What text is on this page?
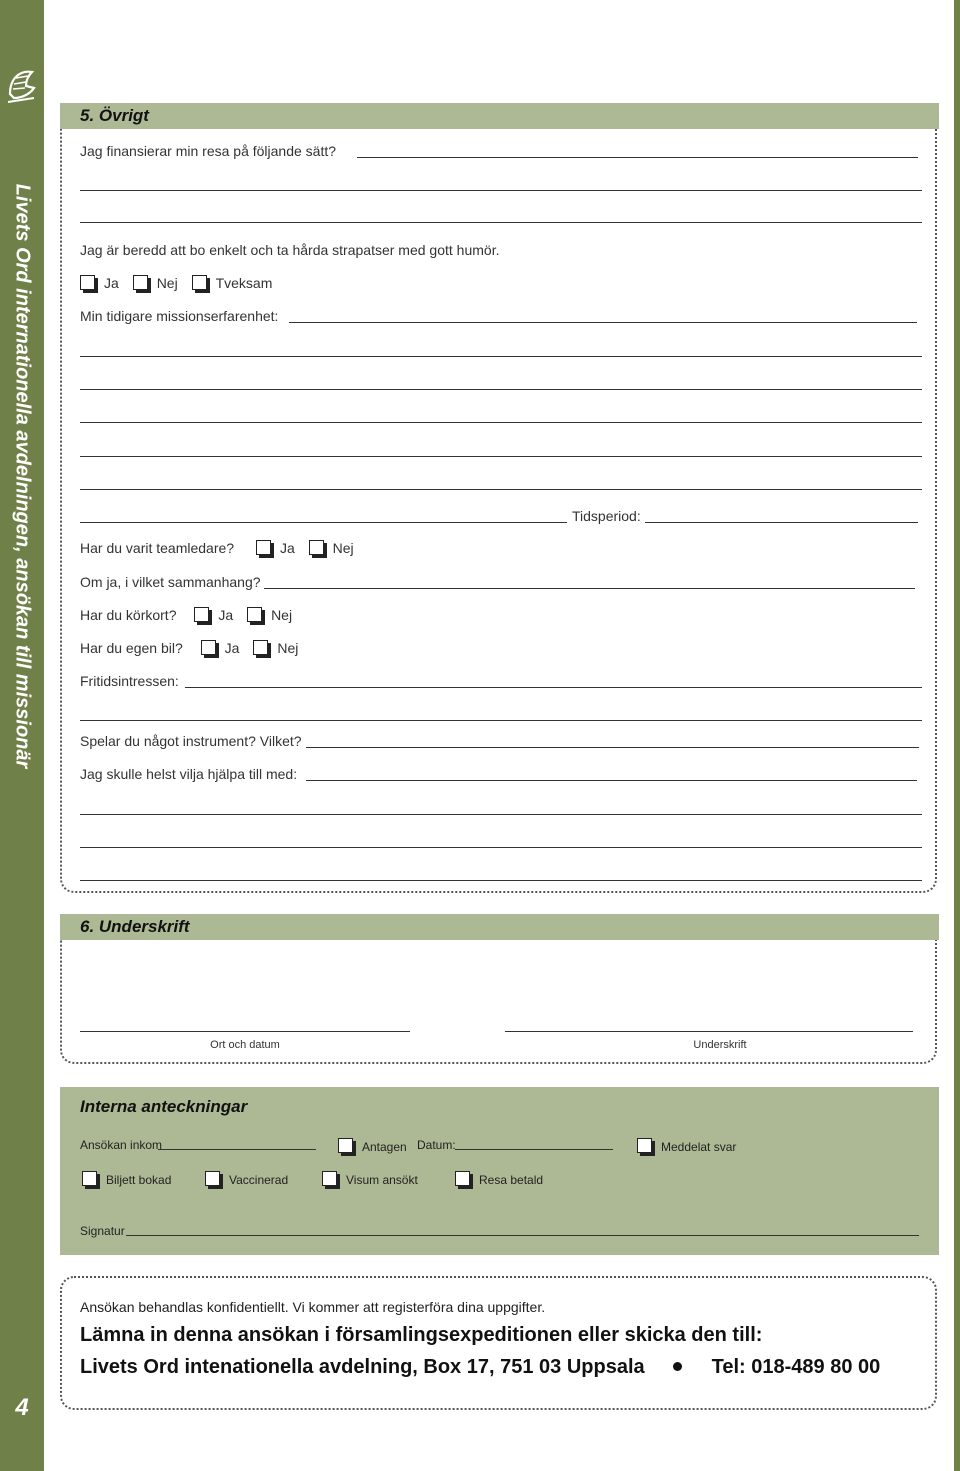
Livets Ord internationella avdelningen, ansökan till missionär
4
5. Övrigt
Jag finansierar min resa på följande sätt?
Jag är beredd att bo enkelt och ta hårda strapatser med gott humör.
Ja	Nej	Tveksam
Min tidigare missionserfarenhet:
Tidsperiod:
Har du varit teamledare?	Ja	Nej
Om ja, i vilket sammanhang?
Har du körkort?	Ja	Nej
Har du egen bil?	Ja	Nej
Fritidsintressen:
Spelar du något instrument? Vilket?
Jag skulle helst vilja hjälpa till med:
6. Underskrift
Ort och datum	Underskrift
Interna anteckningar
Ansökan inkom	Antagen Datum:	Meddelat svar
Biljett bokad	Vaccinerad	Visum ansökt	Resa betald
Signatur
Ansökan behandlas konfidentiellt. Vi kommer att registerföra dina uppgifter.
Lämna in denna ansökan i församlingsexpeditionen eller skicka den till:
Livets Ord intenationella avdelning, Box 17, 751 03 Uppsala	Tel: 018-489 80 00
